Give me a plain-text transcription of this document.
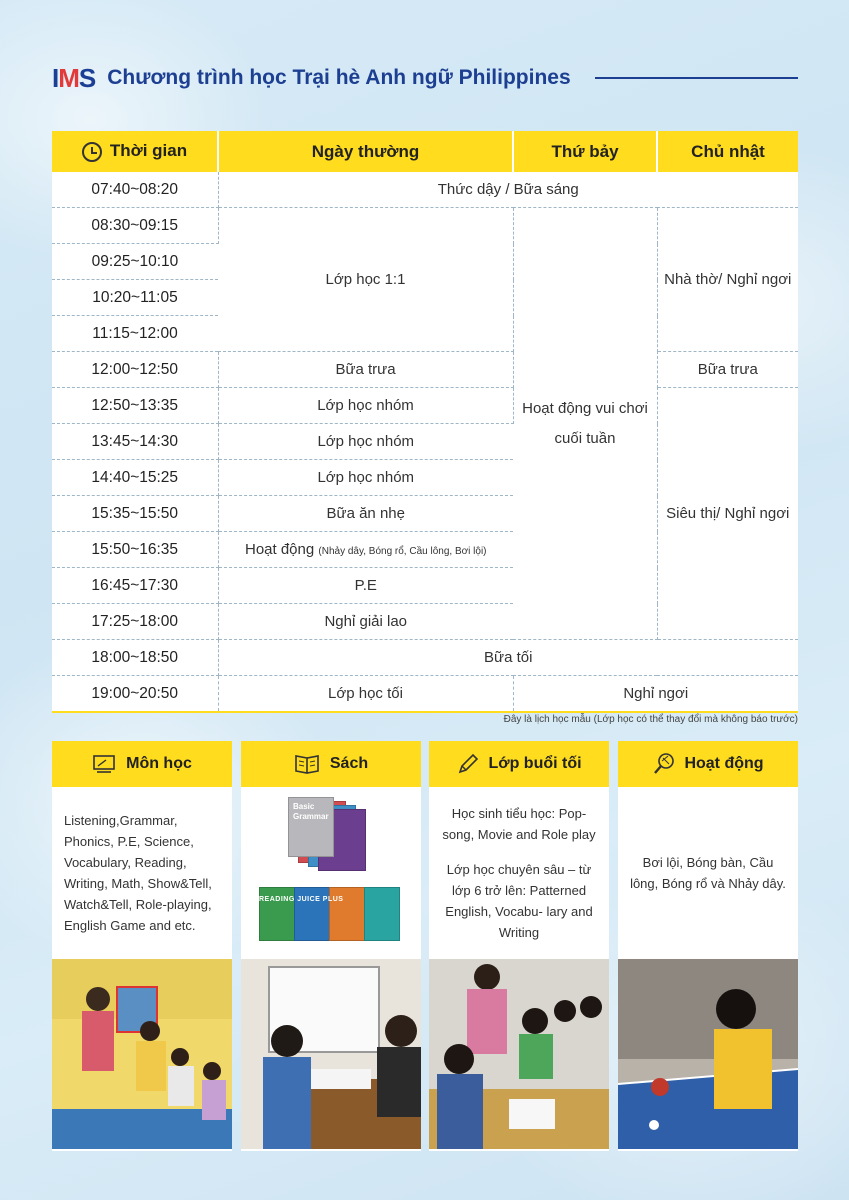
IMS Chương trình học Trại hè Anh ngữ Philippines
Thời gian	Ngày thường	Thứ bảy	Chủ nhật
07:40~08:20	Thức dậy / Bữa sáng		
08:30~09:15	Lớp học 1:1	Hoạt động vui chơi cuối tuần	Nhà thờ/ Nghỉ ngơi
09:25~10:10			
10:20~11:05			
11:15~12:00			
12:00~12:50	Bữa trưa		Bữa trưa
12:50~13:35	Lớp học nhóm		Siêu thị/ Nghỉ ngơi
13:45~14:30	Lớp học nhóm		
14:40~15:25	Lớp học nhóm		
15:35~15:50	Bữa ăn nhẹ		
15:50~16:35	Hoạt động (Nhảy dây, Bóng rổ, Cầu lông, Bơi lội)		
16:45~17:30	P.E		
17:25~18:00	Nghỉ giải lao		
18:00~18:50	Bữa tối		
19:00~20:50	Lớp học tối	Nghỉ ngơi	
Đây là lịch học mẫu (Lớp học có thể thay đổi mà không báo trước)
Môn học
Listening,Grammar, Phonics, P.E, Science, Vocabulary, Reading, Writing, Math, Show&Tell, Watch&Tell, Role-playing, English Game and etc.
Sách
Basic Grammar
READING JUICE PLUS
Lớp buổi tối
Học sinh tiểu học: Pop-song, Movie and Role play
Lớp học chuyên sâu – từ lớp 6 trở lên: Patterned English, Vocabu- lary and Writing
Hoạt động
Bơi lội, Bóng bàn, Cầu lông, Bóng rổ và Nhảy dây.
